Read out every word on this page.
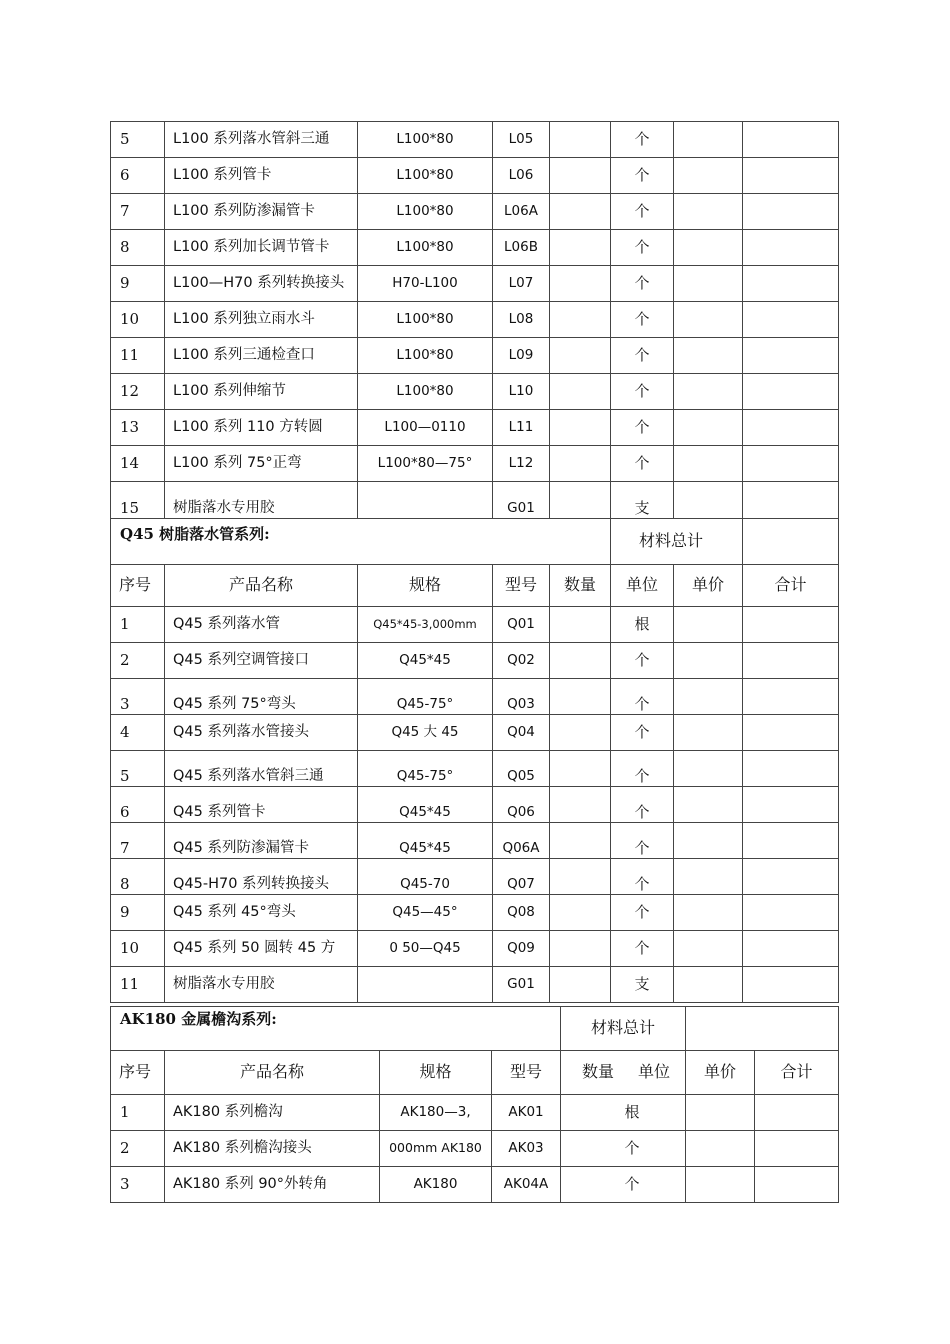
5	L100 系列落水管斜三通	L100*80	L05		个		
6	L100 系列管卡	L100*80	L06		个		
7	L100 系列防渗漏管卡	L100*80	L06A		个		
8	L100 系列加长调节管卡	L100*80	L06B		个		
9	L100—H70 系列转换接头	H70-L100	L07		个		
10	L100 系列独立雨水斗	L100*80	L08		个		
11	L100 系列三通检查口	L100*80	L09		个		
12	L100 系列伸缩节	L100*80	L10		个		
13	L100 系列 110 方转圆	L100—0110	L11		个		
14	L100 系列 75°正弯	L100*80—75°	L12		个		
15	树脂落水专用胶		G01		支		
Q45 树脂落水管系列:					材料总计		
序号	产品名称	规格	型号	数量	单位	单价	合计
1	Q45 系列落水管	Q45*45-3,000mm	Q01		根		
2	Q45 系列空调管接口	Q45*45	Q02		个		
3	Q45 系列 75°弯头	Q45-75°	Q03		个		
4	Q45 系列落水管接头	Q45 大 45	Q04		个		
5	Q45 系列落水管斜三通	Q45-75°	Q05		个		
6	Q45 系列管卡	Q45*45	Q06		个		
7	Q45 系列防渗漏管卡	Q45*45	Q06A		个		
8	Q45-H70 系列转换接头	Q45-70	Q07		个		
9	Q45 系列 45°弯头	Q45—45°	Q08		个		
10	Q45 系列 50 圆转 45 方	0 50—Q45	Q09		个		
11	树脂落水专用胶		G01		支		
AK180 金属檐沟系列:				材料总计		
序号	产品名称	规格	型号	数量 单位	单价	合计
1	AK180 系列檐沟	AK180—3,	AK01	根		
2	AK180 系列檐沟接头	000mm AK180	AK03	个		
3	AK180 系列 90°外转角	AK180	AK04A	个		
